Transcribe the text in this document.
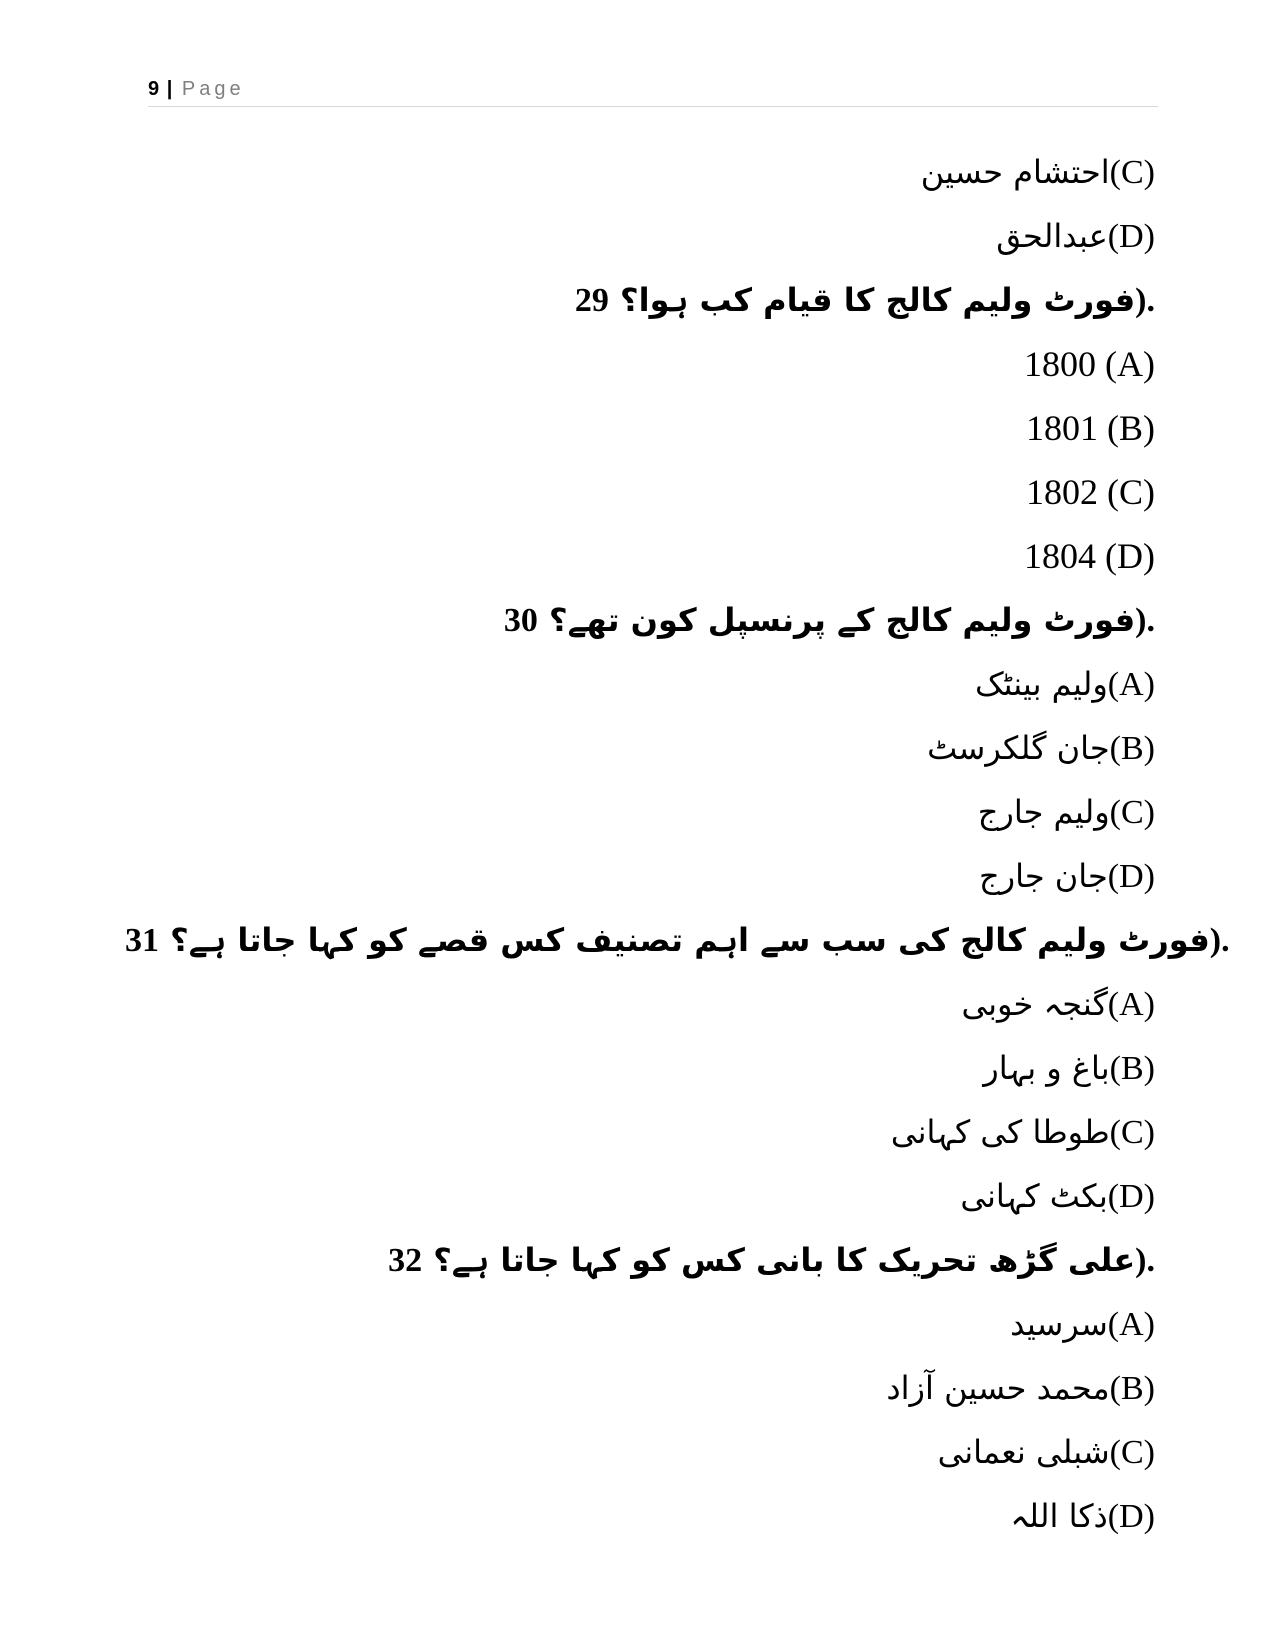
9 | Page
احتشام حسین(C)
عبدالحق(D)
فورٹ ولیم کالج کا قیام کب ہوا؟ 29).
1800 (A)
1801 (B)
1802 (C)
1804 (D)
فورٹ ولیم کالج کے پرنسپل کون تھے؟ 30).
ولیم بینٹک(A)
جان گلکرسٹ(B)
ولیم جارج(C)
جان جارج(D)
فورٹ ولیم کالج کی سب سے اہم تصنیف کس قصے کو کہا جاتا ہے؟ 31).
گنجہ خوبی(A)
باغ و بہار(B)
طوطا کی کہانی(C)
بکٹ کہانی(D)
علی گڑھ تحریک کا بانی کس کو کہا جاتا ہے؟ 32).
سرسید(A)
محمد حسین آزاد(B)
شبلی نعمانی(C)
ذکا اللہ(D)
